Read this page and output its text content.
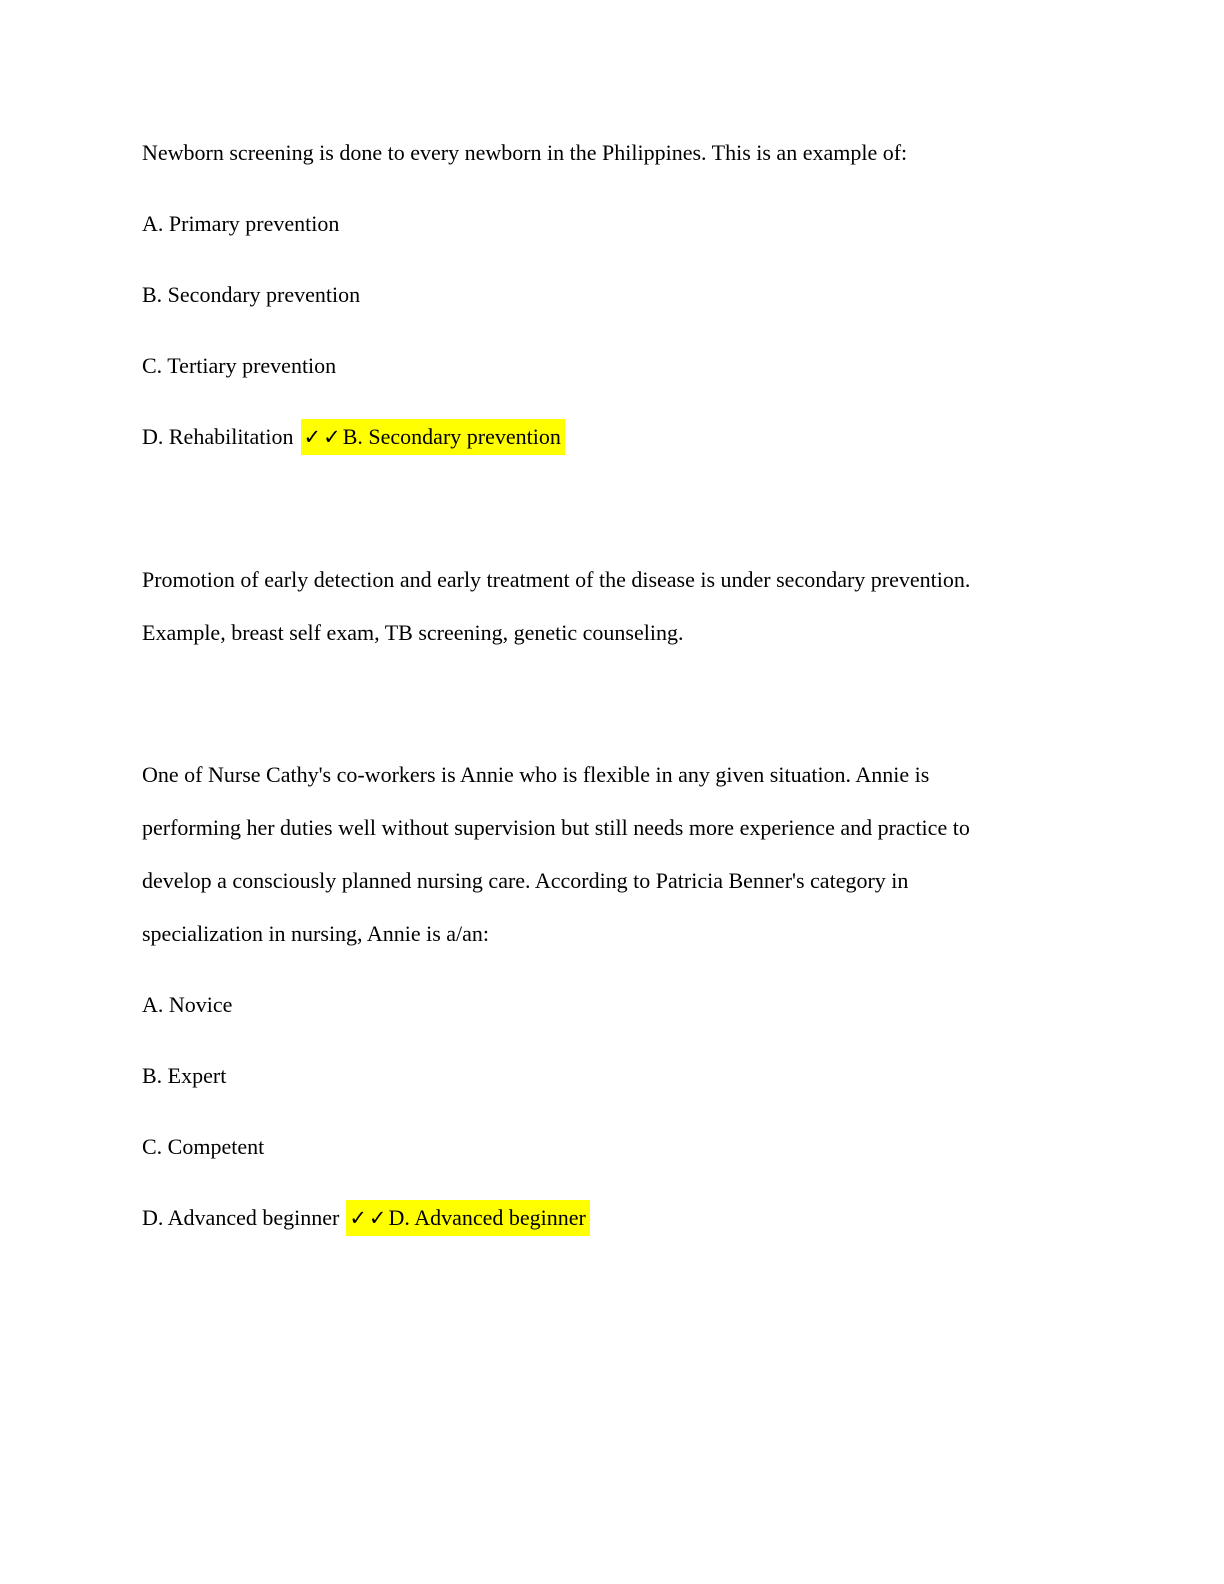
Newborn screening is done to every newborn in the Philippines. This is an example of:
A. Primary prevention
B. Secondary prevention
C. Tertiary prevention
D. Rehabilitation ✓✓B. Secondary prevention
Promotion of early detection and early treatment of the disease is under secondary prevention.
Example, breast self exam, TB screening, genetic counseling.
One of Nurse Cathy's co-workers is Annie who is flexible in any given situation. Annie is
performing her duties well without supervision but still needs more experience and practice to
develop a consciously planned nursing care. According to Patricia Benner's category in
specialization in nursing, Annie is a/an:
A. Novice
B. Expert
C. Competent
D. Advanced beginner ✓✓D. Advanced beginner
